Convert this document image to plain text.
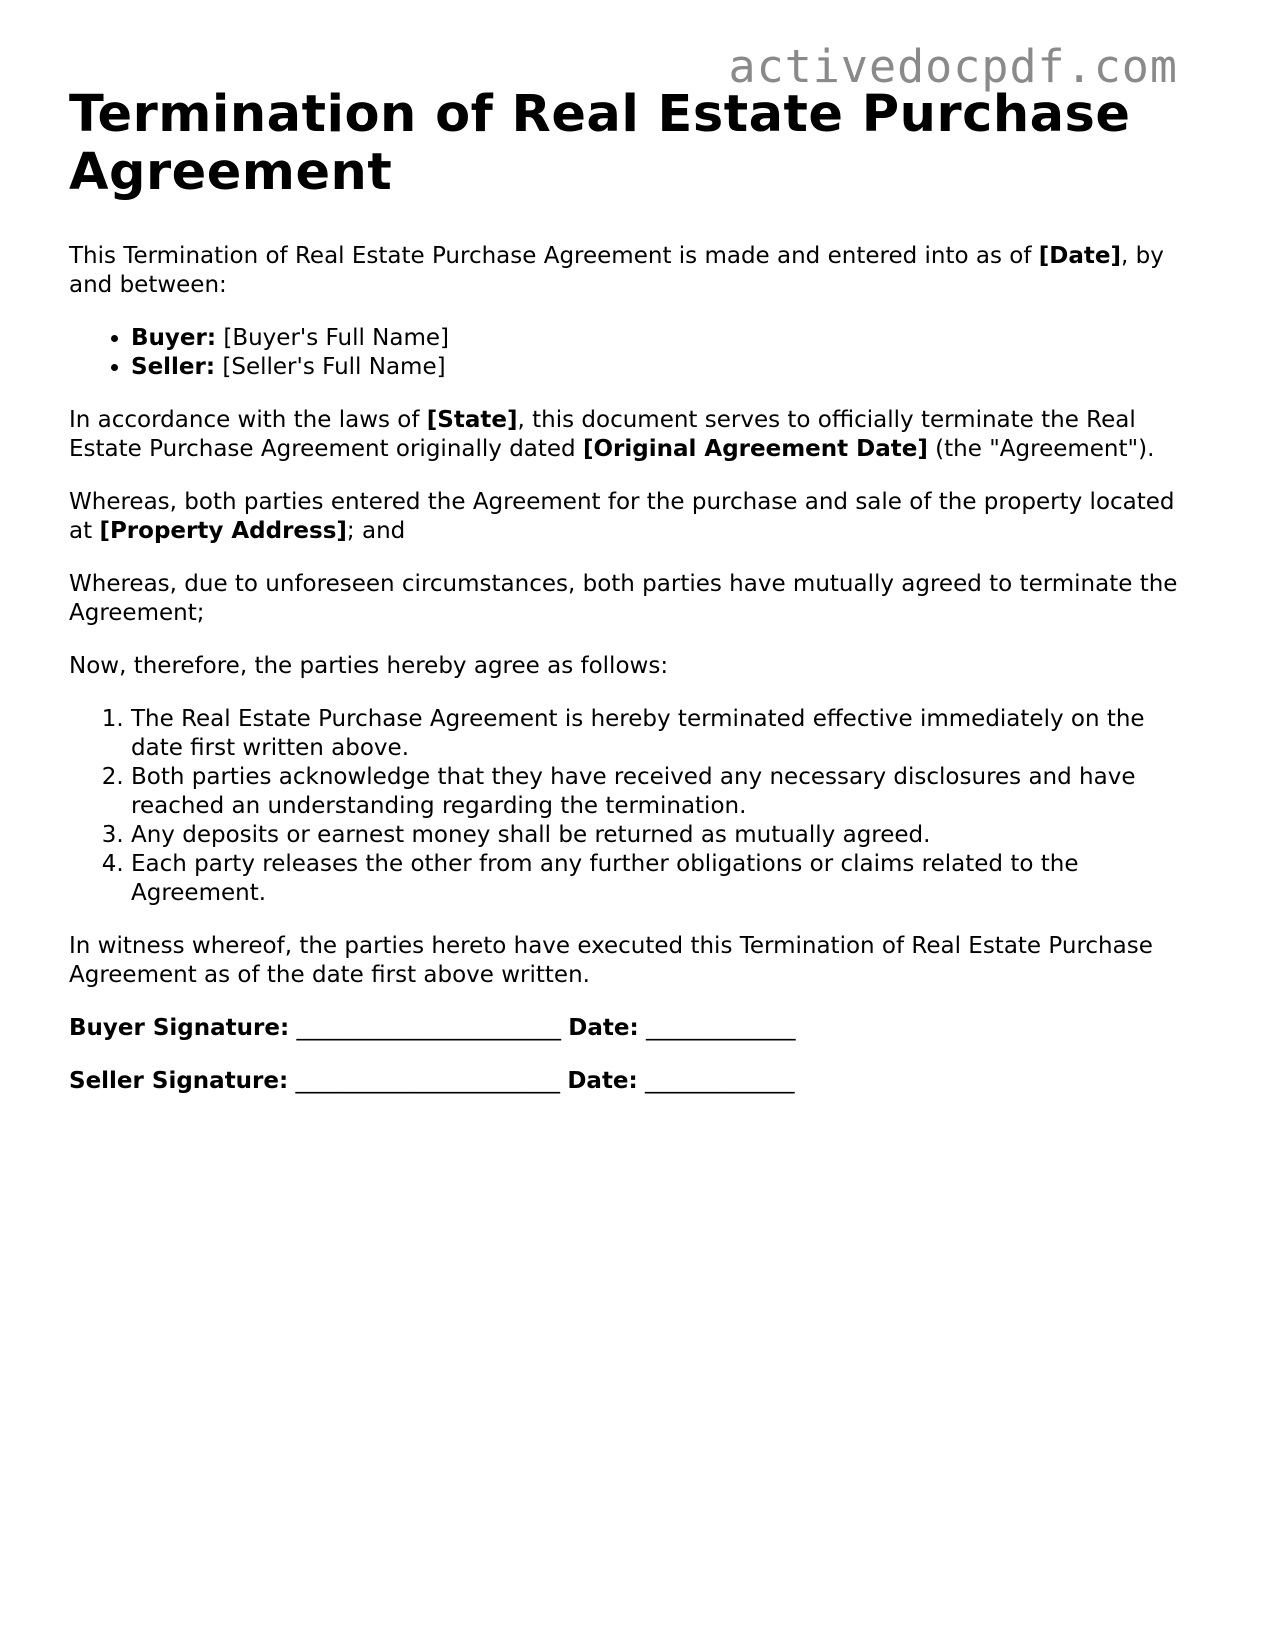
activedocpdf.com
Termination of Real Estate Purchase Agreement

This Termination of Real Estate Purchase Agreement is made and entered into as of [Date], by and between:

• Buyer: [Buyer's Full Name]
• Seller: [Seller's Full Name]

In accordance with the laws of [State], this document serves to officially terminate the Real Estate Purchase Agreement originally dated [Original Agreement Date] (the "Agreement").

Whereas, both parties entered the Agreement for the purchase and sale of the property located at [Property Address]; and

Whereas, due to unforeseen circumstances, both parties have mutually agreed to terminate the Agreement;

Now, therefore, the parties hereby agree as follows:

1. The Real Estate Purchase Agreement is hereby terminated effective immediately on the date first written above.
2. Both parties acknowledge that they have received any necessary disclosures and have reached an understanding regarding the termination.
3. Any deposits or earnest money shall be returned as mutually agreed.
4. Each party releases the other from any further obligations or claims related to the Agreement.

In witness whereof, the parties hereto have executed this Termination of Real Estate Purchase Agreement as of the date first above written.

Buyer Signature: _______________________ Date: _____________

Seller Signature: _______________________ Date: _____________
